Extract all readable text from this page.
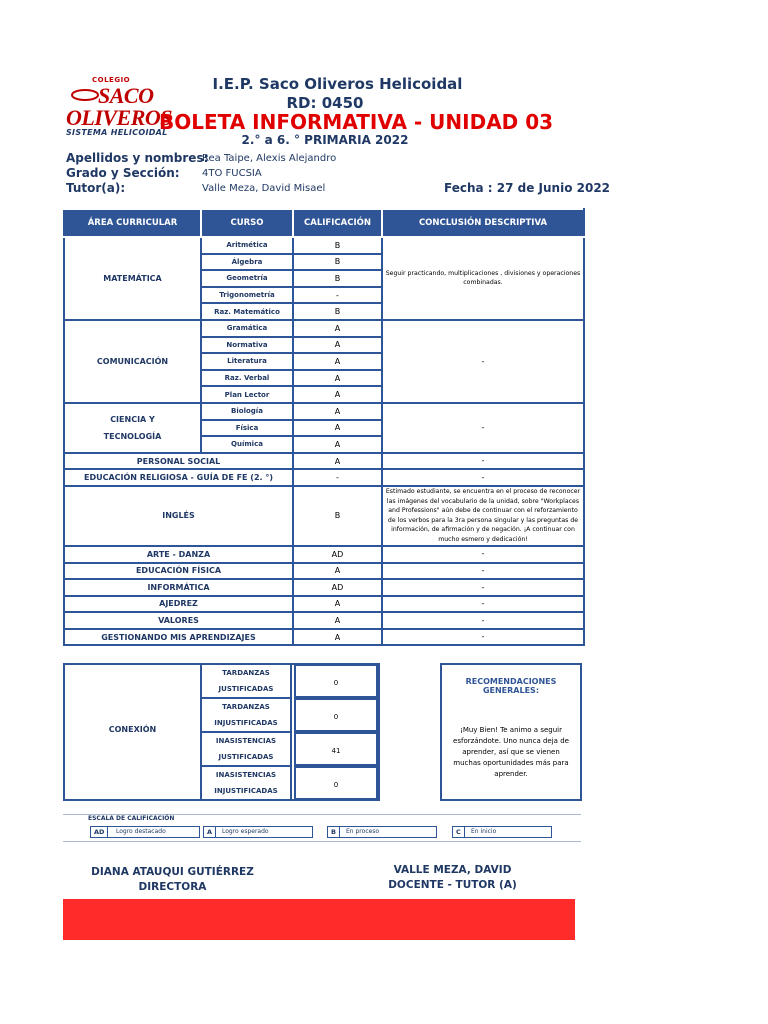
COLEGIO
SACO
OLIVEROS
SISTEMA HELICOIDAL
I.E.P. Saco Oliveros Helicoidal
RD: 0450
BOLETA INFORMATIVA - UNIDAD 03
2.° a 6. ° PRIMARIA 2022
Apellidos y nombres:
Rea Taipe, Alexis Alejandro
Grado y Sección: 4TO FUCSIA
Tutor(a):	Valle Meza, David Misael	Fecha : 27 de Junio 2022
ÁREA CURRICULAR	CURSO	CALIFICACIÓN	CONCLUSIÓN DESCRIPTIVA
MATEMÁTICA	Aritmética	B	Seguir practicando, multiplicaciones , divisiones y operaciones combinadas.
	Álgebra	B	
	Geometría	B	
	Trigonometría	-	
	Raz. Matemático	B	
COMUNICACIÓN	Gramática	A	-
	Normativa	A	
	Literatura	A	
	Raz. Verbal	A	
	Plan Lector	A	

CIENCIA Y
TECNOLOGÍA	Biología	A	-
	Física	A	
	Química	A	
PERSONAL SOCIAL		A	-
EDUCACIÓN RELIGIOSA - GUÍA DE FE (2. °)		-	-
INGLÉS		B	Estimado estudiante, se encuentra en el proceso de reconocer las imágenes del vocabulario de la unidad, sobre "Workplaces and Professions" aún debe de continuar con el reforzamiento de los verbos para la 3ra persona singular y las preguntas de información, de afirmación y de negación. ¡A continuar con mucho esmero y dedicación!
ARTE - DANZA		AD	-
EDUCACIÓN FÍSICA		A	-
INFORMÁTICA		AD	-
AJEDREZ		A	-
VALORES		A	-
GESTIONANDO MIS APRENDIZAJES		A	-
CONEXIÓN
TARDANZAS
JUSTIFICADAS
0
TARDANZAS
INJUSTIFICADAS
0
INASISTENCIAS
JUSTIFICADAS
41
INASISTENCIAS
INJUSTIFICADAS
0
RECOMENDACIONES GENERALES:
¡Muy Bien! Te animo a seguir esforzándote. Uno nunca deja de aprender, así que se vienen muchas oportunidades más para aprender.
ESCALA DE CALIFICACIÓN
AD	Logro destacado	A	Logro esperado	B	En proceso	C	En inicio
DIANA ATAUQUI GUTIÉRREZ
DIRECTORA
VALLE MEZA, DAVID
DOCENTE - TUTOR (A)
